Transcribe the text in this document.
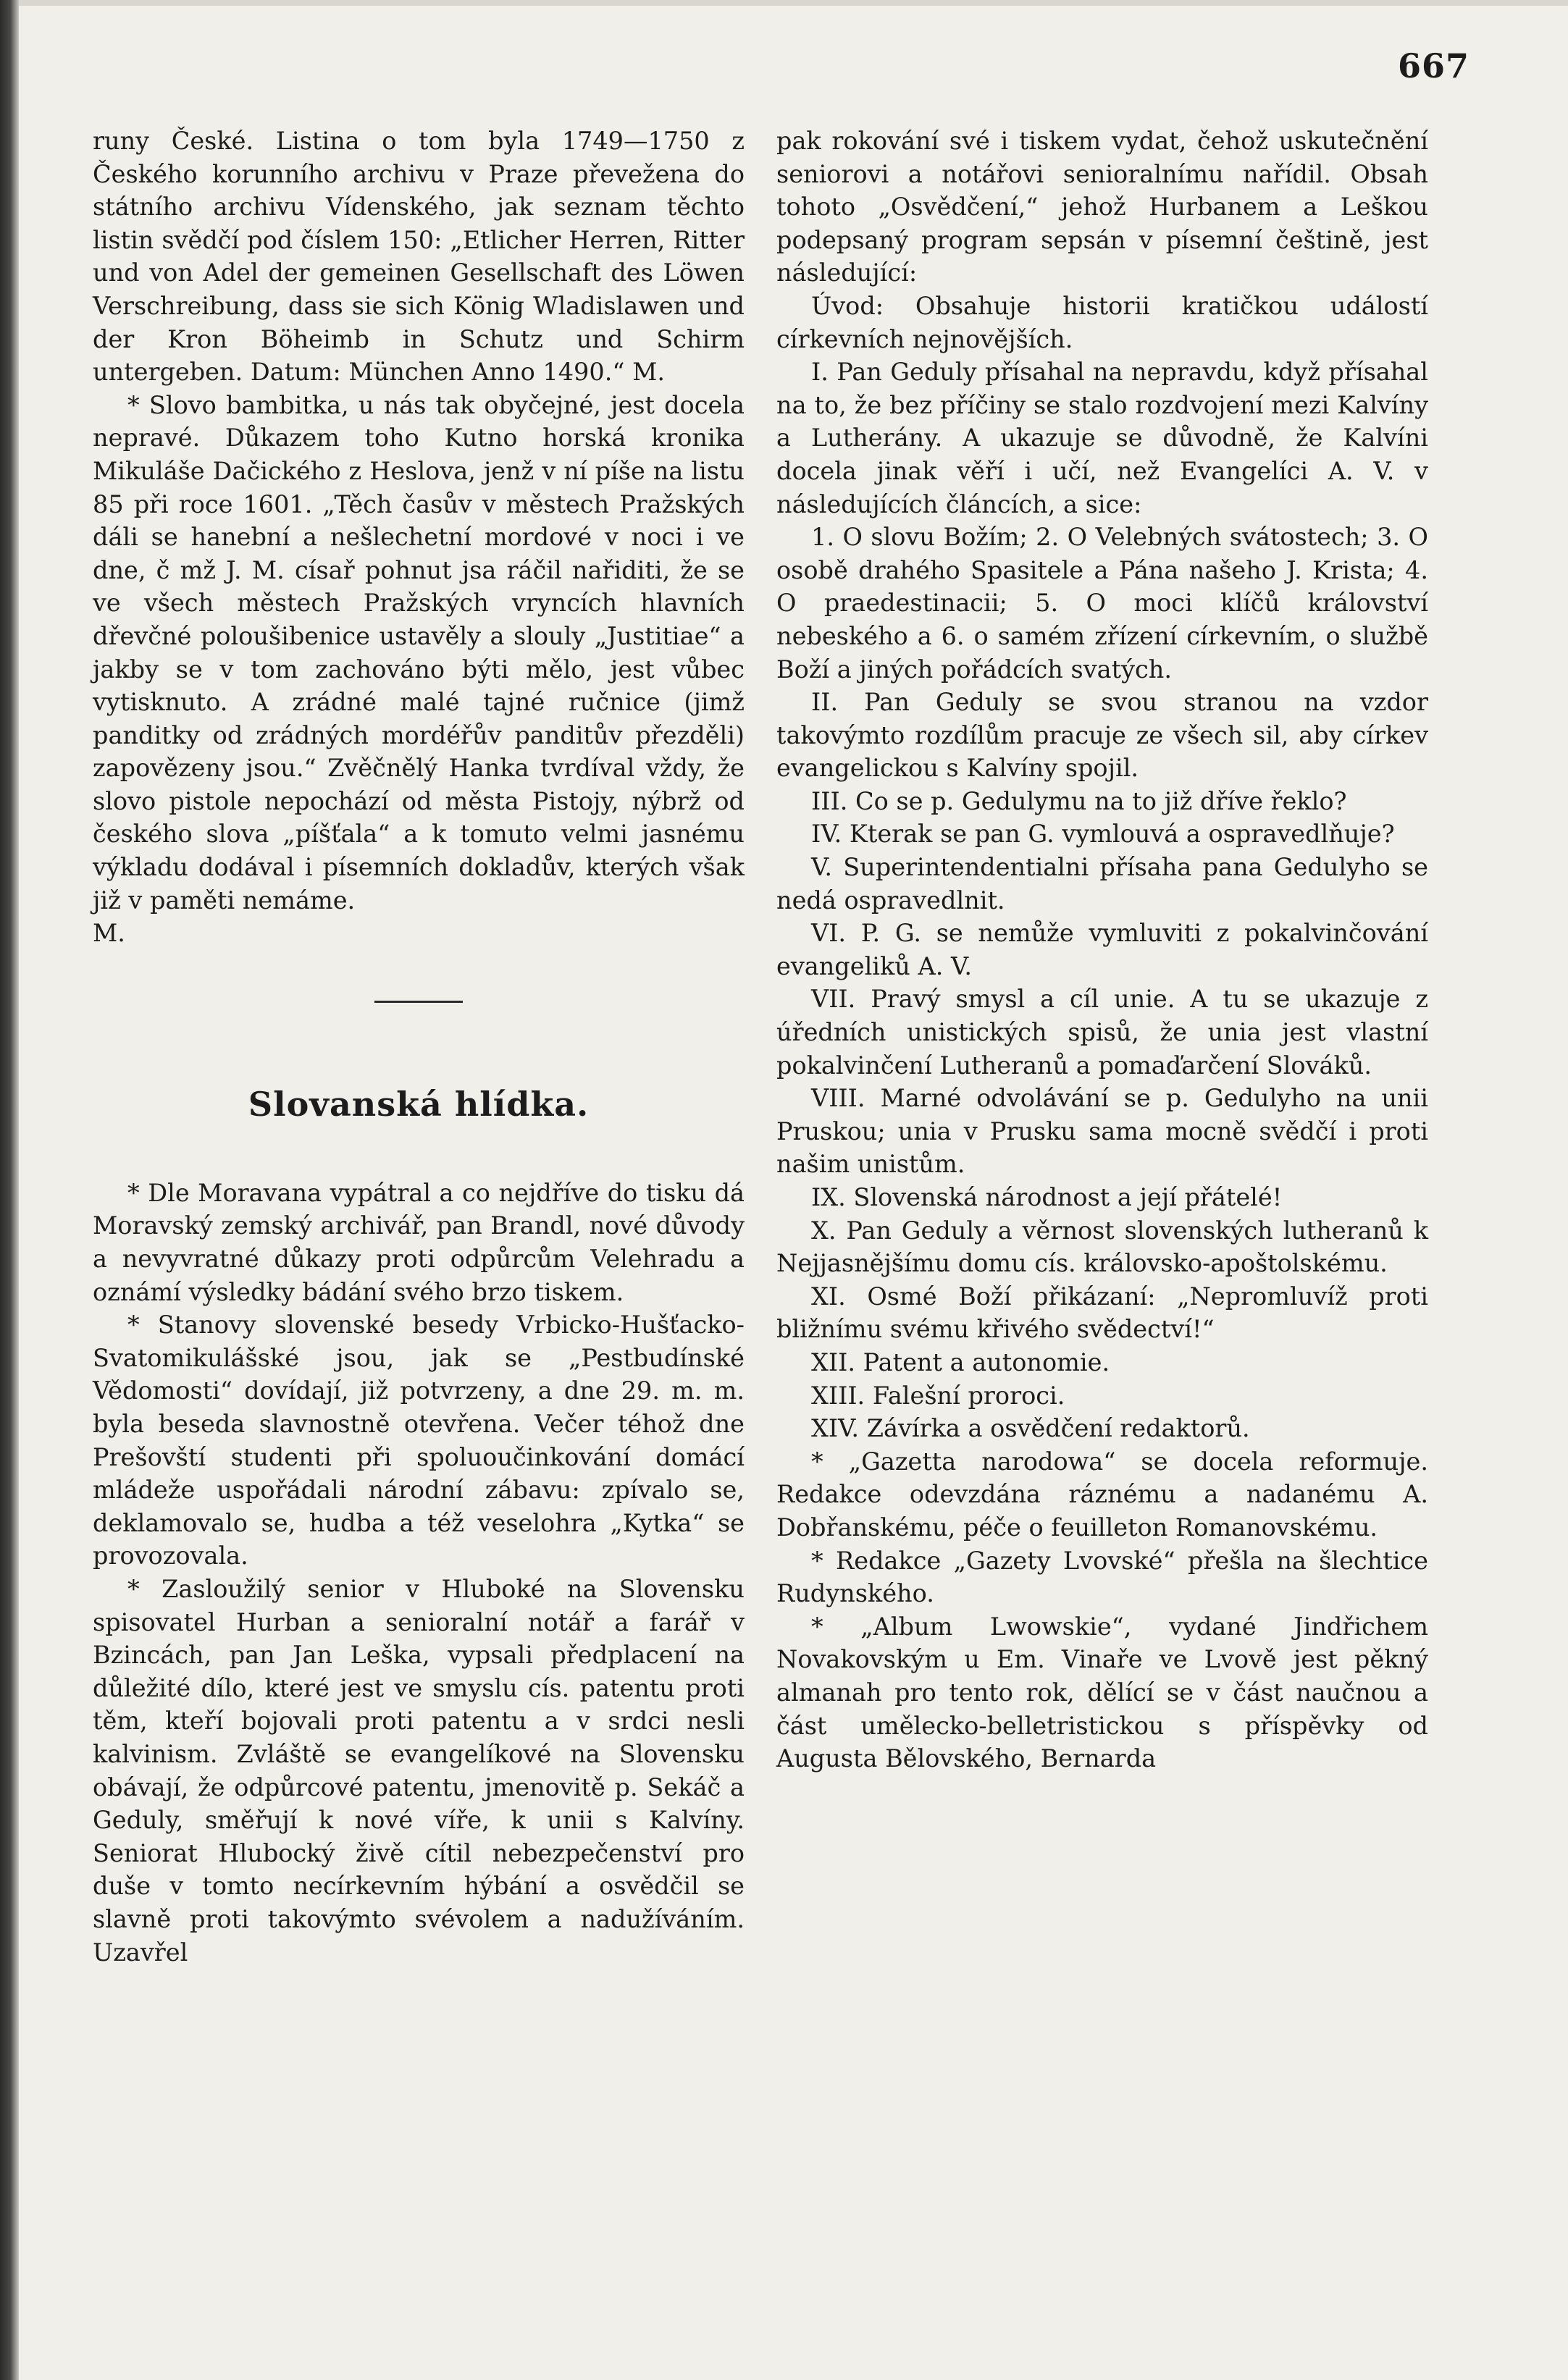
667

runy České. Listina o tom byla 1749—1750 z Českého korunního archivu v Praze převežena do státního archivu Vídenského, jak seznam těchto listin svědčí pod číslem 150: „Etlicher Herren, Ritter und von Adel der gemeinen Gesellschaft des Löwen Verschreibung, dass sie sich König Wladislawen und der Kron Böheimb in Schutz und Schirm untergeben. Datum: München Anno 1490.“ M.

* Slovo bambitka, u nás tak obyčejné, jest docela nepravé. Důkazem toho Kutno horská kronika Mikuláše Dačického z Heslova, jenž v ní píše na listu 85 při roce 1601. „Těch časův v městech Pražských dáli se hanební a nešlechetní mordové v noci i ve dne, č mž J. M. císař pohnut jsa ráčil nařiditi, že se ve všech městech Pražských vryncích hlavních dřevčné poloušibenice ustavěly a slouly „Justitiae“ a jakby se v tom zachováno býti mělo, jest vůbec vytisknuto. A zrádné malé tajné ručnice (jimž panditky od zrádných mordéřův panditův přezděli) zapovězeny jsou.“ Zvěčnělý Hanka tvrdíval vždy, že slovo pistole nepochází od města Pistojy, nýbrž od českého slova „píšťala“ a k tomuto velmi jasnému výkladu dodával i písemních dokladův, kterých však již v paměti nemáme.

M.

Slovanská hlídka.

* Dle Moravana vypátral a co nejdříve do tisku dá Moravský zemský archivář, pan Brandl, nové důvody a nevyvratné důkazy proti odpůrcům Velehradu a oznámí výsledky bádání svého brzo tiskem.

* Stanovy slovenské besedy Vrbicko-Hušťacko-Svatomikulášské jsou, jak se „Pestbudínské Vědomosti“ dovídají, již potvrzeny, a dne 29. m. m. byla beseda slavnostně otevřena. Večer téhož dne Prešovští studenti při spoluoučinkování domácí mládeže uspořádali národní zábavu: zpívalo se, deklamovalo se, hudba a též veselohra „Kytka“ se provozovala.

* Zasloužilý senior v Hluboké na Slovensku spisovatel Hurban a senioralní notář a farář v Bzincách, pan Jan Leška, vypsali předplacení na důležité dílo, které jest ve smyslu cís. patentu proti těm, kteří bojovali proti patentu a v srdci nesli kalvinism. Zvláště se evangelíkové na Slovensku obávají, že odpůrcové patentu, jmenovitě p. Sekáč a Geduly, směřují k nové víře, k unii s Kalvíny. Seniorat Hlubocký živě cítil nebezpečenství pro duše v tomto necírkevním hýbání a osvědčil se slavně proti takovýmto svévolem a nadužíváním. Uzavřel

pak rokování své i tiskem vydat, čehož uskutečnění seniorovi a notářovi senioralnímu nařídil. Obsah tohoto „Osvědčení,“ jehož Hurbanem a Leškou podepsaný program sepsán v písemní češtině, jest následující:

Úvod: Obsahuje historii kratičkou událostí církevních nejnovějších.

I. Pan Geduly přísahal na nepravdu, když přísahal na to, že bez příčiny se stalo rozdvojení mezi Kalvíny a Lutherány. A ukazuje se důvodně, že Kalvíni docela jinak věří i učí, než Evangelíci A. V. v následujících článcích, a sice:

1. O slovu Božím; 2. O Velebných svátostech; 3. O osobě drahého Spasitele a Pána našeho J. Krista; 4. O praedestinacii; 5. O moci klíčů království nebeského a 6. o samém zřízení církevním, o službě Boží a jiných pořádcích svatých.

II. Pan Geduly se svou stranou na vzdor takovýmto rozdílům pracuje ze všech sil, aby církev evangelickou s Kalvíny spojil.

III. Co se p. Gedulymu na to již dříve řeklo?

IV. Kterak se pan G. vymlouvá a ospravedlňuje?

V. Superintendentialni přísaha pana Gedulyho se nedá ospravedlnit.

VI. P. G. se nemůže vymluviti z pokalvinčování evangeliků A. V.

VII. Pravý smysl a cíl unie. A tu se ukazuje z úředních unistických spisů, že unia jest vlastní pokalvinčení Lutheranů a pomaďarčení Slováků.

VIII. Marné odvolávání se p. Gedulyho na unii Pruskou; unia v Prusku sama mocně svědčí i proti našim unistům.

IX. Slovenská národnost a její přátelé!

X. Pan Geduly a věrnost slovenských lutheranů k Nejjasnějšímu domu cís. královsko-apoštolskému.

XI. Osmé Boží přikázaní: „Nepromluvíž proti bližnímu svému křivého svědectví!“

XII. Patent a autonomie.

XIII. Falešní proroci.

XIV. Závírka a osvědčení redaktorů.

* „Gazetta narodowa“ se docela reformuje. Redakce odevzdána ráznému a nadanému A. Dobřanskému, péče o feuilleton Romanovskému.

* Redakce „Gazety Lvovské“ přešla na šlechtice Rudynského.

* „Album Lwowskie“, vydané Jindřichem Novakovským u Em. Vinaře ve Lvově jest pěkný almanah pro tento rok, dělící se v část naučnou a část umělecko-belletristickou s příspěvky od Augusta Bělovského, Bernarda
